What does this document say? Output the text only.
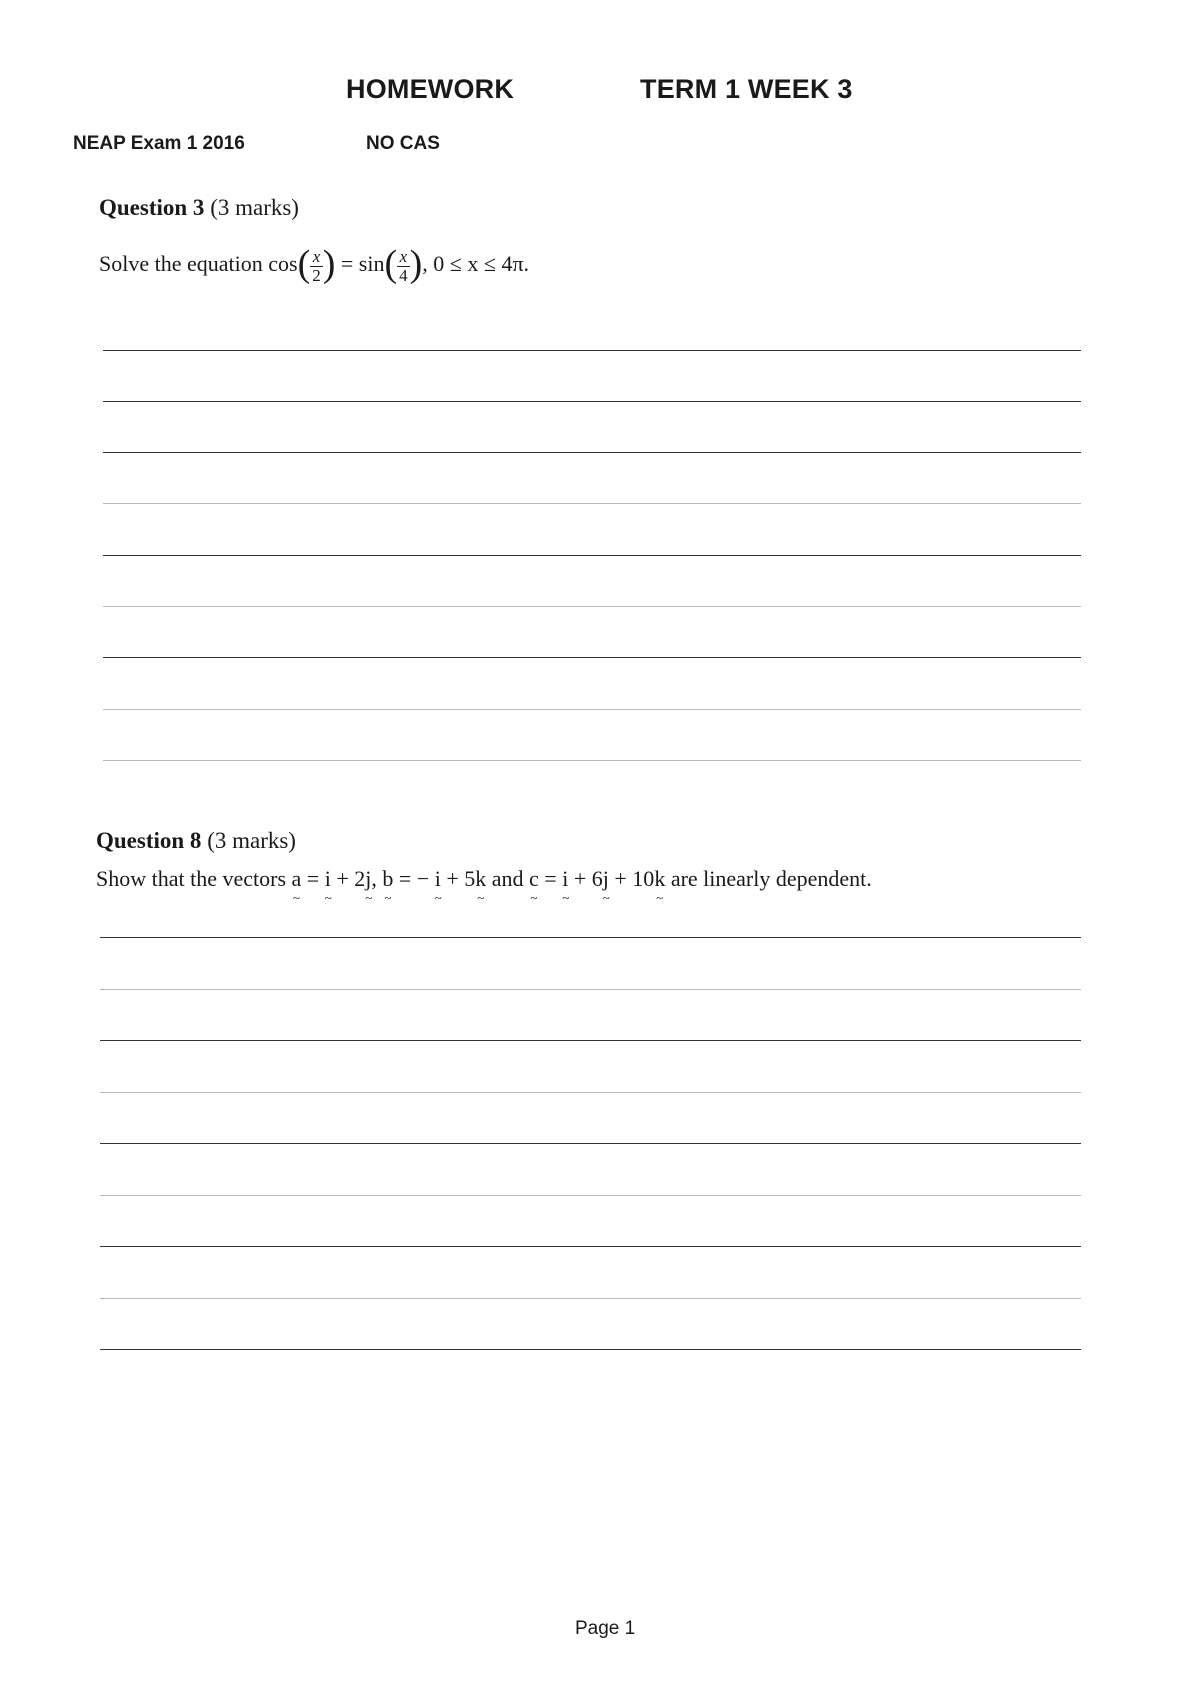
HOMEWORK	TERM 1 WEEK 3
NEAP Exam 1 2016	NO CAS
Question 3 (3 marks)
Solve the equation $\cos( \frac{x}{2}$ ) = $\sin( \frac{x}{4}$ ), 0 ≤ x ≤ 4π.
Question 8 (3 marks)
Show that the vectors a ~ = i ~ + 2j ~, b ~ = − i ~ + 5k ~ and c ~ = i ~ + 6j ~ + 10k ~ are linearly dependent.
Page 1
